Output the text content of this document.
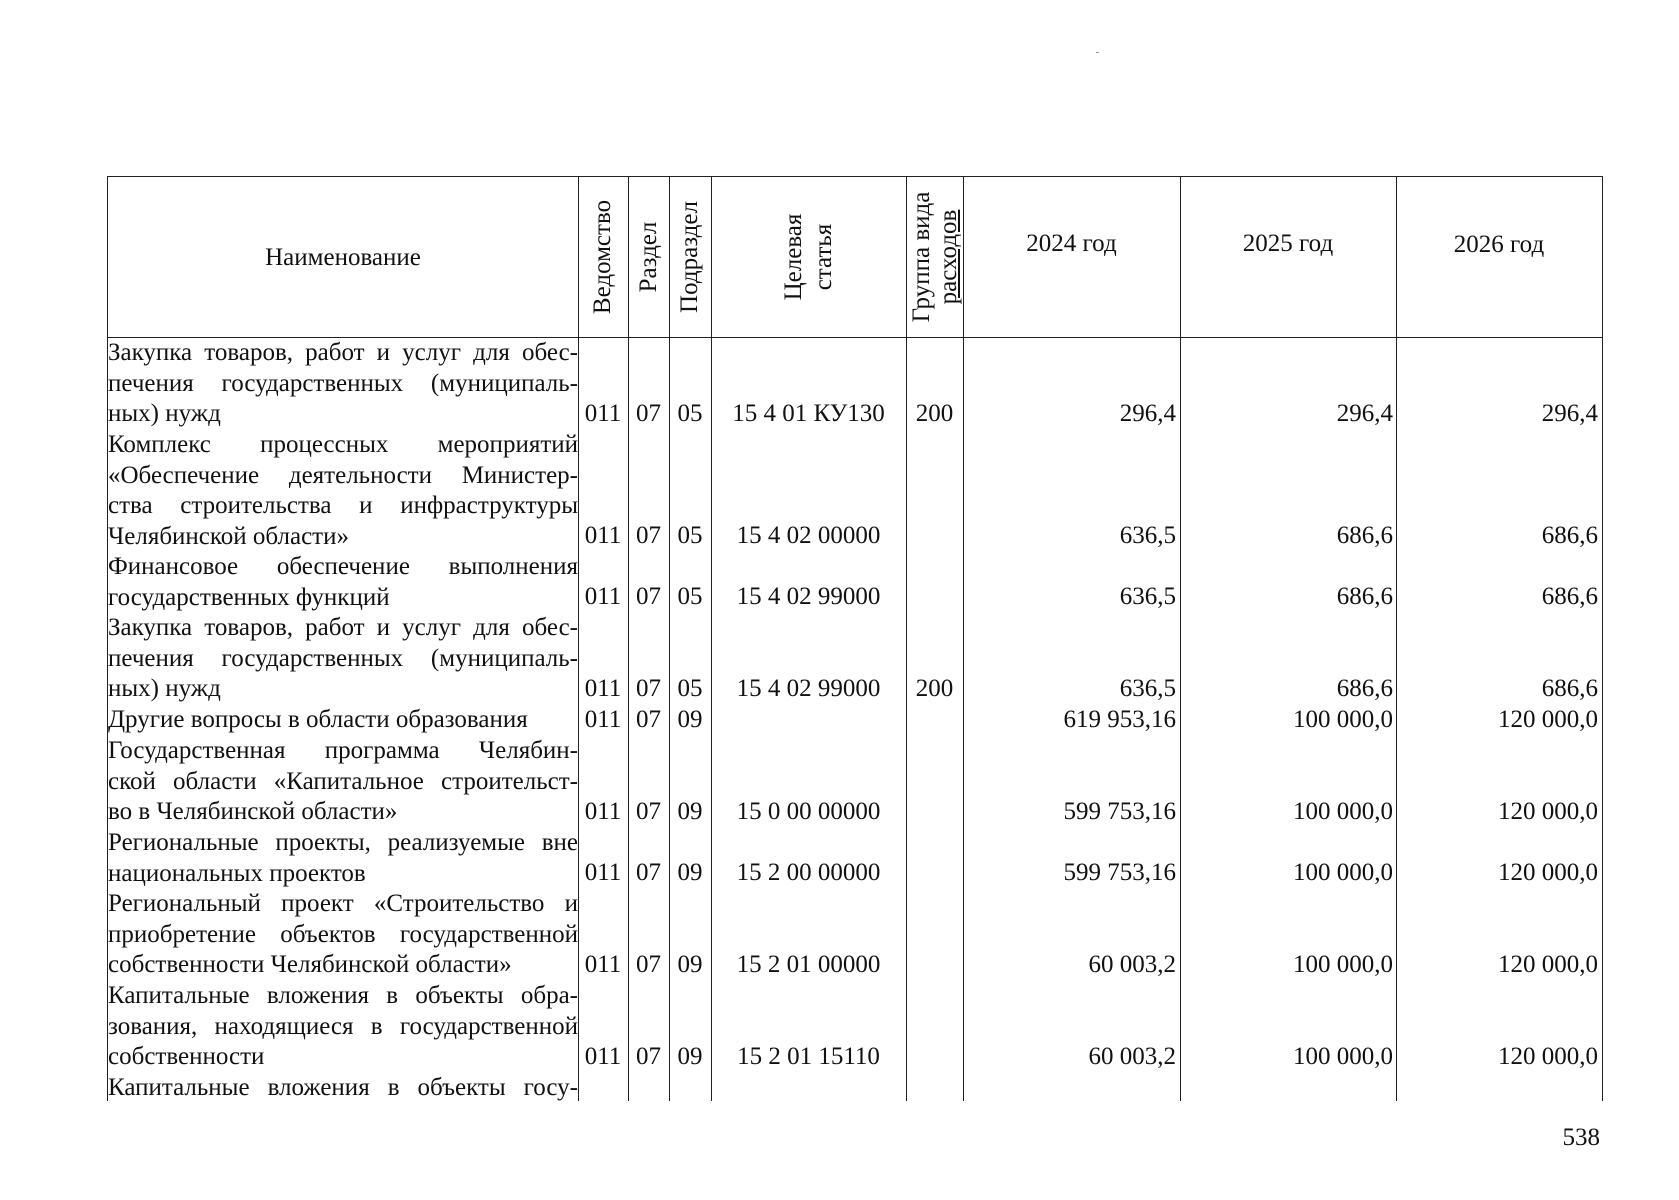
Наименование	Ведомство Раздел Подраздел	Целевая статья	Группа вида
расходов	2024 год	2025 год	2026 год
Закупка товаров, работ и услуг для обес-
печения государственных (муниципаль-
ных) нужд	011 07 05	15 4 01 КУ130	200	296,4	296,4	296,4
Комплекс процессных мероприятий
«Обеспечение деятельности Министер-
ства строительства и инфраструктуры
Челябинской области»	011 07 05	15 4 02 00000	636,5	686,6	686,6
Финансовое обеспечение выполнения
государственных функций	011 07 05	15 4 02 99000	636,5	686,6	686,6
Закупка товаров, работ и услуг для обес-
печения государственных (муниципаль-
ных) нужд	011 07 05	15 4 02 99000	200	636,5	686,6	686,6
Другие вопросы в области образования	011 07 09	619 953,16	100 000,0	120 000,0
Государственная программа Челябин-
ской области «Капитальное строительст-
во в Челябинской области»	011 07 09	15 0 00 00000	599 753,16	100 000,0	120 000,0
Региональные проекты, реализуемые вне
национальных проектов	011 07 09	15 2 00 00000	599 753,16	100 000,0	120 000,0
Региональный проект «Строительство и
приобретение объектов государственной
собственности Челябинской области»	011 07 09	15 2 01 00000	60 003,2	100 000,0	120 000,0
Капитальные вложения в объекты обра-
зования, находящиеся в государственной
собственности	011 07 09	15 2 01 15110	60 003,2	100 000,0	120 000,0
Капитальные вложения в объекты госу-
538
